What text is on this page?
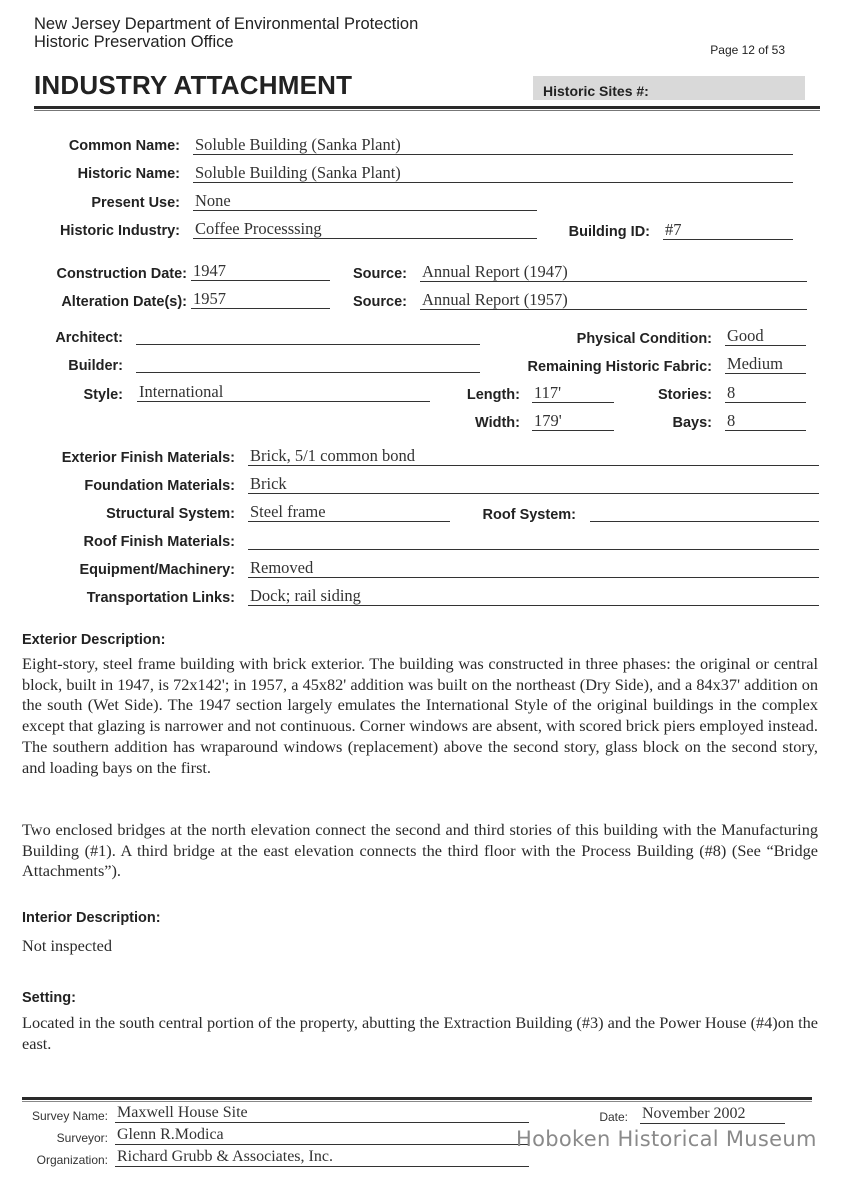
New Jersey Department of Environmental Protection
Historic Preservation Office	Page 12 of 53
INDUSTRY ATTACHMENT	Historic Sites #:
Common Name: Soluble Building (Sanka Plant)
Historic Name: Soluble Building (Sanka Plant)
Present Use: None
Historic Industry: Coffee Processsing	Building ID: #7
Construction Date: 1947	Source: Annual Report (1947)
Alteration Date(s): 1957	Source: Annual Report (1957)
Architect:	Physical Condition: Good
Builder:	Remaining Historic Fabric: Medium
Style: International	Length: 117'	Stories: 8
Width: 179'	Bays: 8
Exterior Finish Materials: Brick, 5/1 common bond
Foundation Materials: Brick
Structural System: Steel frame	Roof System:
Roof Finish Materials:
Equipment/Machinery: Removed
Transportation Links: Dock; rail siding
Exterior Description:

Eight-story, steel frame building with brick exterior. The building was constructed in three phases: the original or central block, built in 1947, is 72x142'; in 1957, a 45x82' addition was built on the northeast (Dry Side), and a 84x37' addition on the south (Wet Side). The 1947 section largely emulates the International Style of the original buildings in the complex except that glazing is narrower and not continuous. Corner windows are absent, with scored brick piers employed instead. The southern addition has wraparound windows (replacement) above the second story, glass block on the second story, and loading bays on the first.

Two enclosed bridges at the north elevation connect the second and third stories of this building with the Manufacturing Building (#1). A third bridge at the east elevation connects the third floor with the Process Building (#8) (See “Bridge Attachments”).

Interior Description:

Not inspected

Setting:

Located in the south central portion of the property, abutting the Extraction Building (#3) and the Power House (#4)on the east.

Survey Name: Maxwell House Site	Date: November 2002
Surveyor: Glenn R.Modica
Organization: Richard Grubb & Associates, Inc.
Hoboken Historical Museum
